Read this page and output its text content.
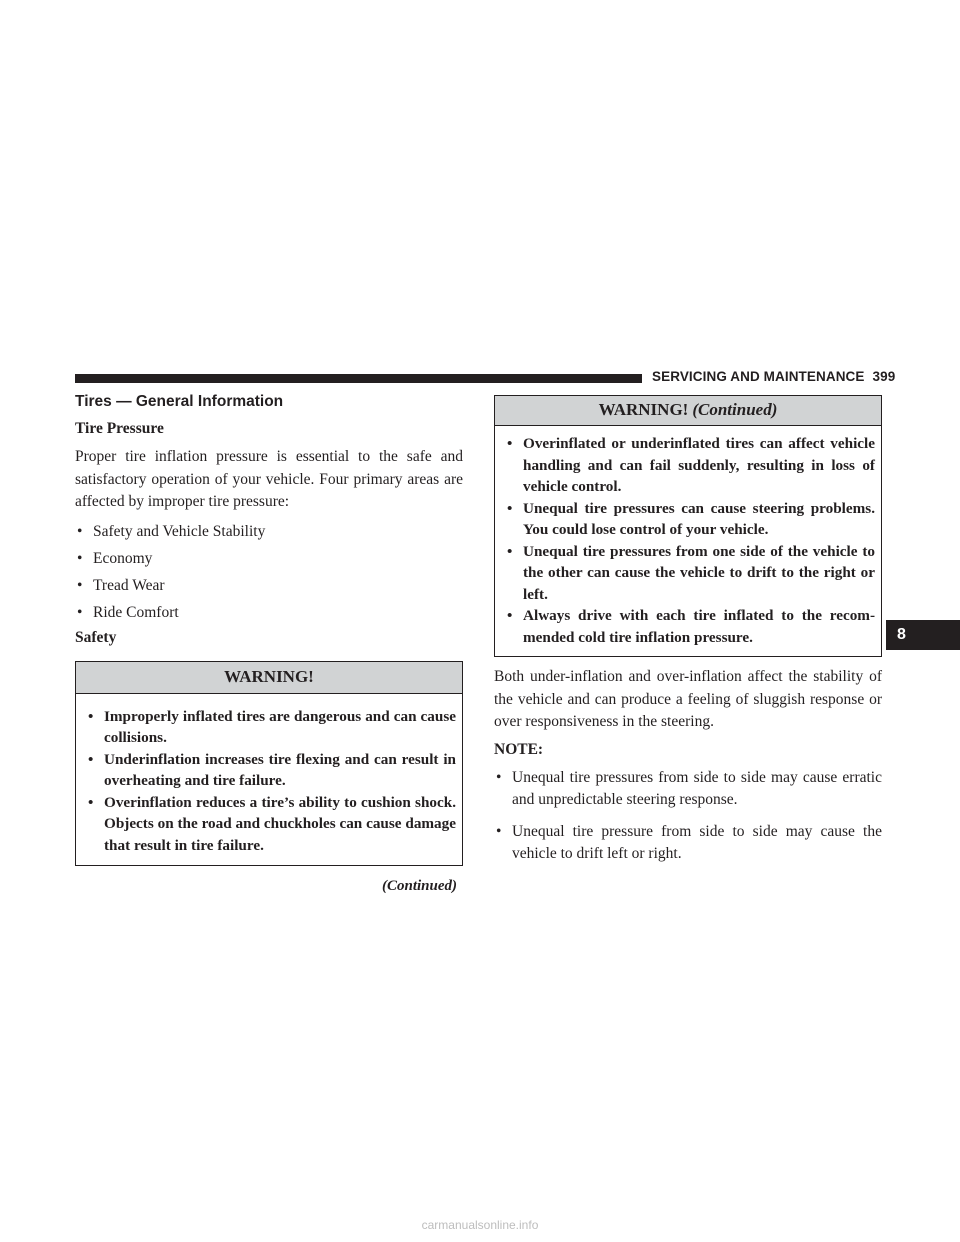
SERVICING AND MAINTENANCE 399
Tires — General Information
Tire Pressure

Proper tire inflation pressure is essential to the safe and satisfactory operation of your vehicle. Four primary areas are affected by improper tire pressure:

• Safety and Vehicle Stability
• Economy
• Tread Wear
• Ride Comfort
Safety
WARNING!
• Improperly inflated tires are dangerous and can cause collisions.
• Underinflation increases tire flexing and can result in overheating and tire failure.
• Overinflation reduces a tire’s ability to cushion shock. Objects on the road and chuckholes can cause damage that result in tire failure.
(Continued)
WARNING! (Continued)
• Overinflated or underinflated tires can affect vehicle handling and can fail suddenly, resulting in loss of vehicle control.
• Unequal tire pressures can cause steering problems. You could lose control of your vehicle.
• Unequal tire pressures from one side of the vehicle to the other can cause the vehicle to drift to the right or left.
• Always drive with each tire inflated to the recom- mended cold tire inflation pressure.

Both under-inflation and over-inflation affect the stability of the vehicle and can produce a feeling of sluggish response or over responsiveness in the steering.

NOTE:
• Unequal tire pressures from side to side may cause erratic and unpredictable steering response.
• Unequal tire pressure from side to side may cause the vehicle to drift left or right.
8
carmanualsonline.info
